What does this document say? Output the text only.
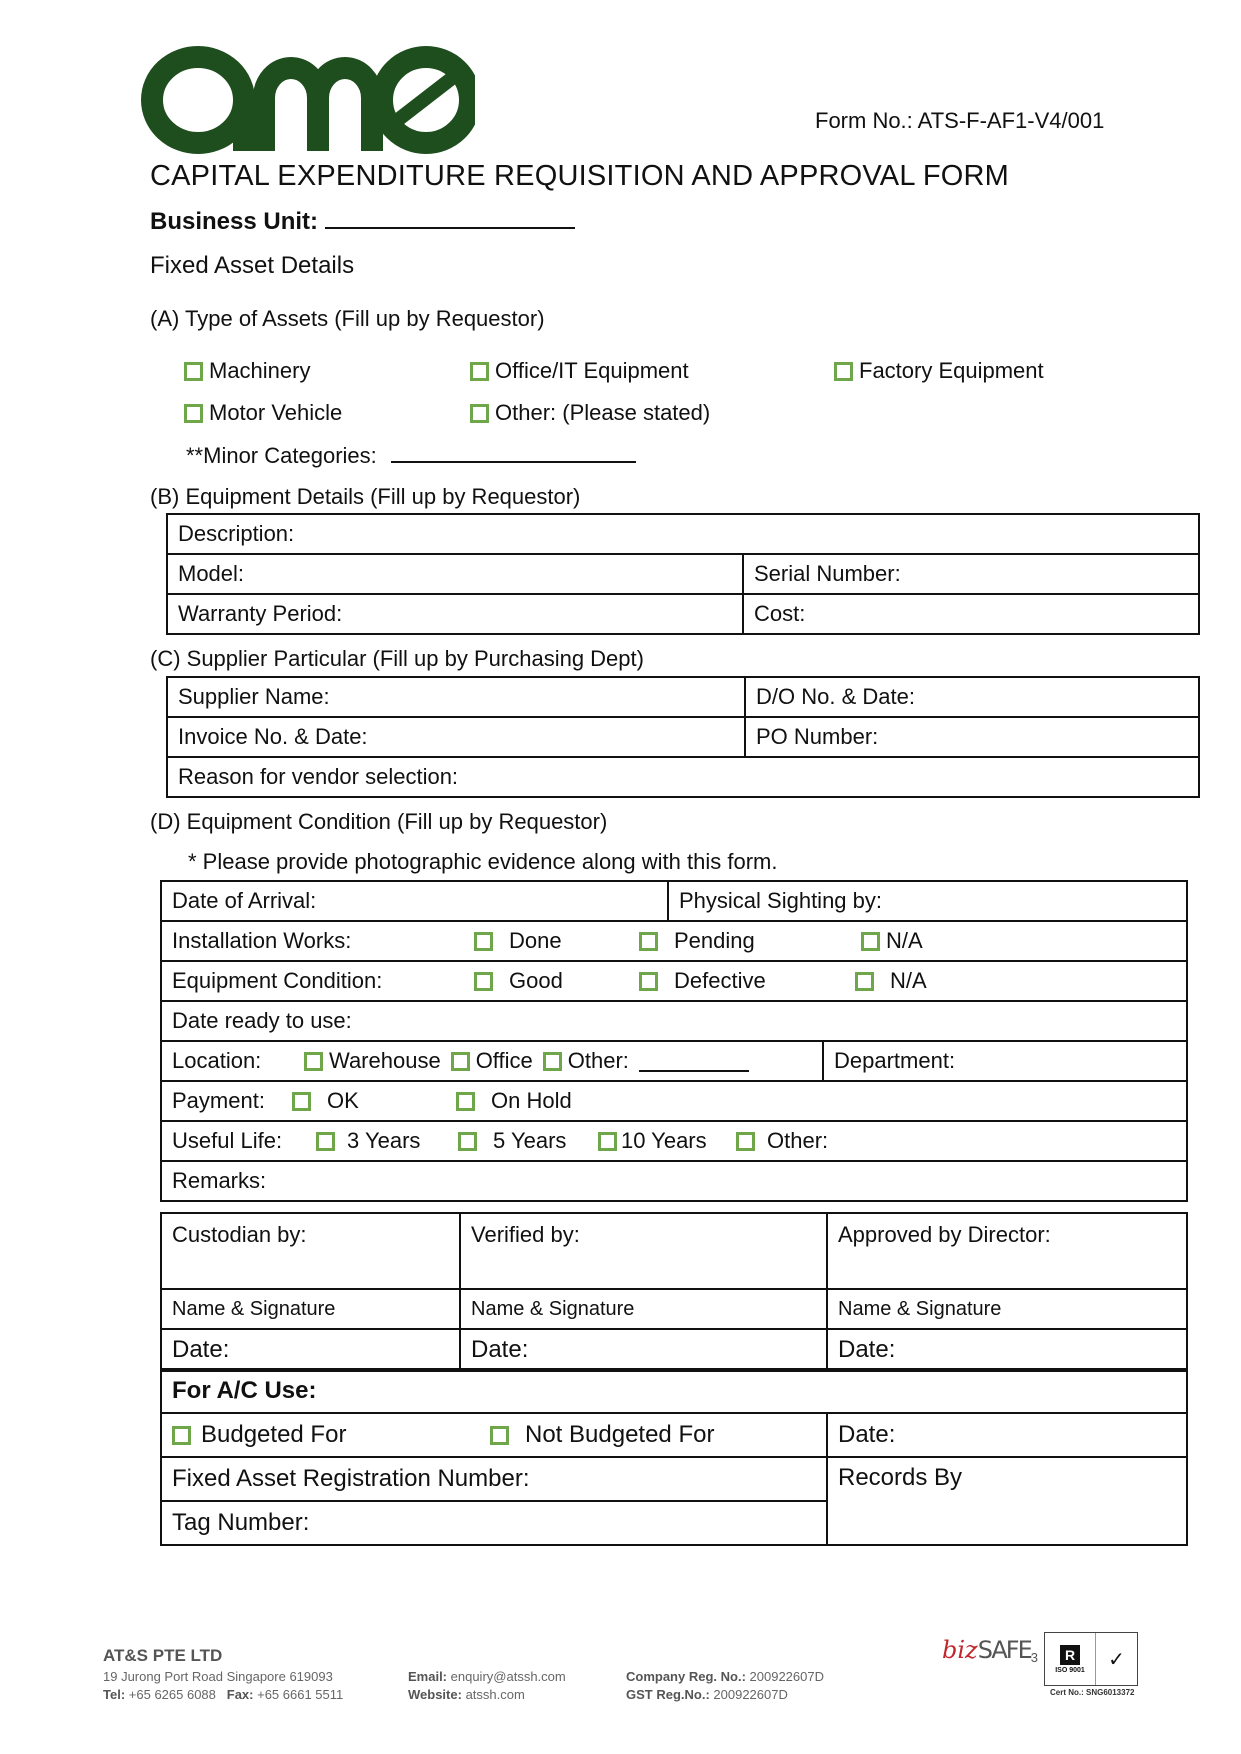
Form No.: ATS-F-AF1-V4/001
CAPITAL EXPENDITURE REQUISITION AND APPROVAL FORM
Business Unit:
Fixed Asset Details
(A) Type of Assets (Fill up by Requestor)
Machinery	Office/IT Equipment	Factory Equipment
Motor Vehicle	Other: (Please stated)
**Minor Categories:
(B) Equipment Details (Fill up by Requestor)
Description:	
Model:	Serial Number:
Warranty Period:	Cost:
(C) Supplier Particular (Fill up by Purchasing Dept)
Supplier Name:	D/O No. & Date:
Invoice No. & Date:	PO Number:
Reason for vendor selection:	
(D) Equipment Condition (Fill up by Requestor)
* Please provide photographic evidence along with this form.
Date of Arrival:	Physical Sighting by:	

Installation Works: Done Pending N/A		

Equipment Condition: Good Defective N/A		

Date ready to use:		

Location: Warehouse Office Other:		Department:

Payment: OK On Hold		

Useful Life: 3 Years 5 Years 10 Years Other:		

Remarks:		
Custodian by:	Verified by:	Approved by Director:
Name & Signature	Name & Signature	Name & Signature
Date:	Date:	Date:
For A/C Use:	

Budgeted For Not Budgeted For	Date:
Fixed Asset Registration Number:	Records By
Tag Number:	
AT&S PTE LTD
19 Jurong Port Road Singapore 619093
Tel: +65 6265 6088 Fax: +65 6661 5511
Email: enquiry@atssh.com
Website: atssh.com
Company Reg. No.: 200922607D
GST Reg.No.: 200922607D
bizSAFE$_3$	R
ISO 9001	✓
Cert No.: SNG6013372
